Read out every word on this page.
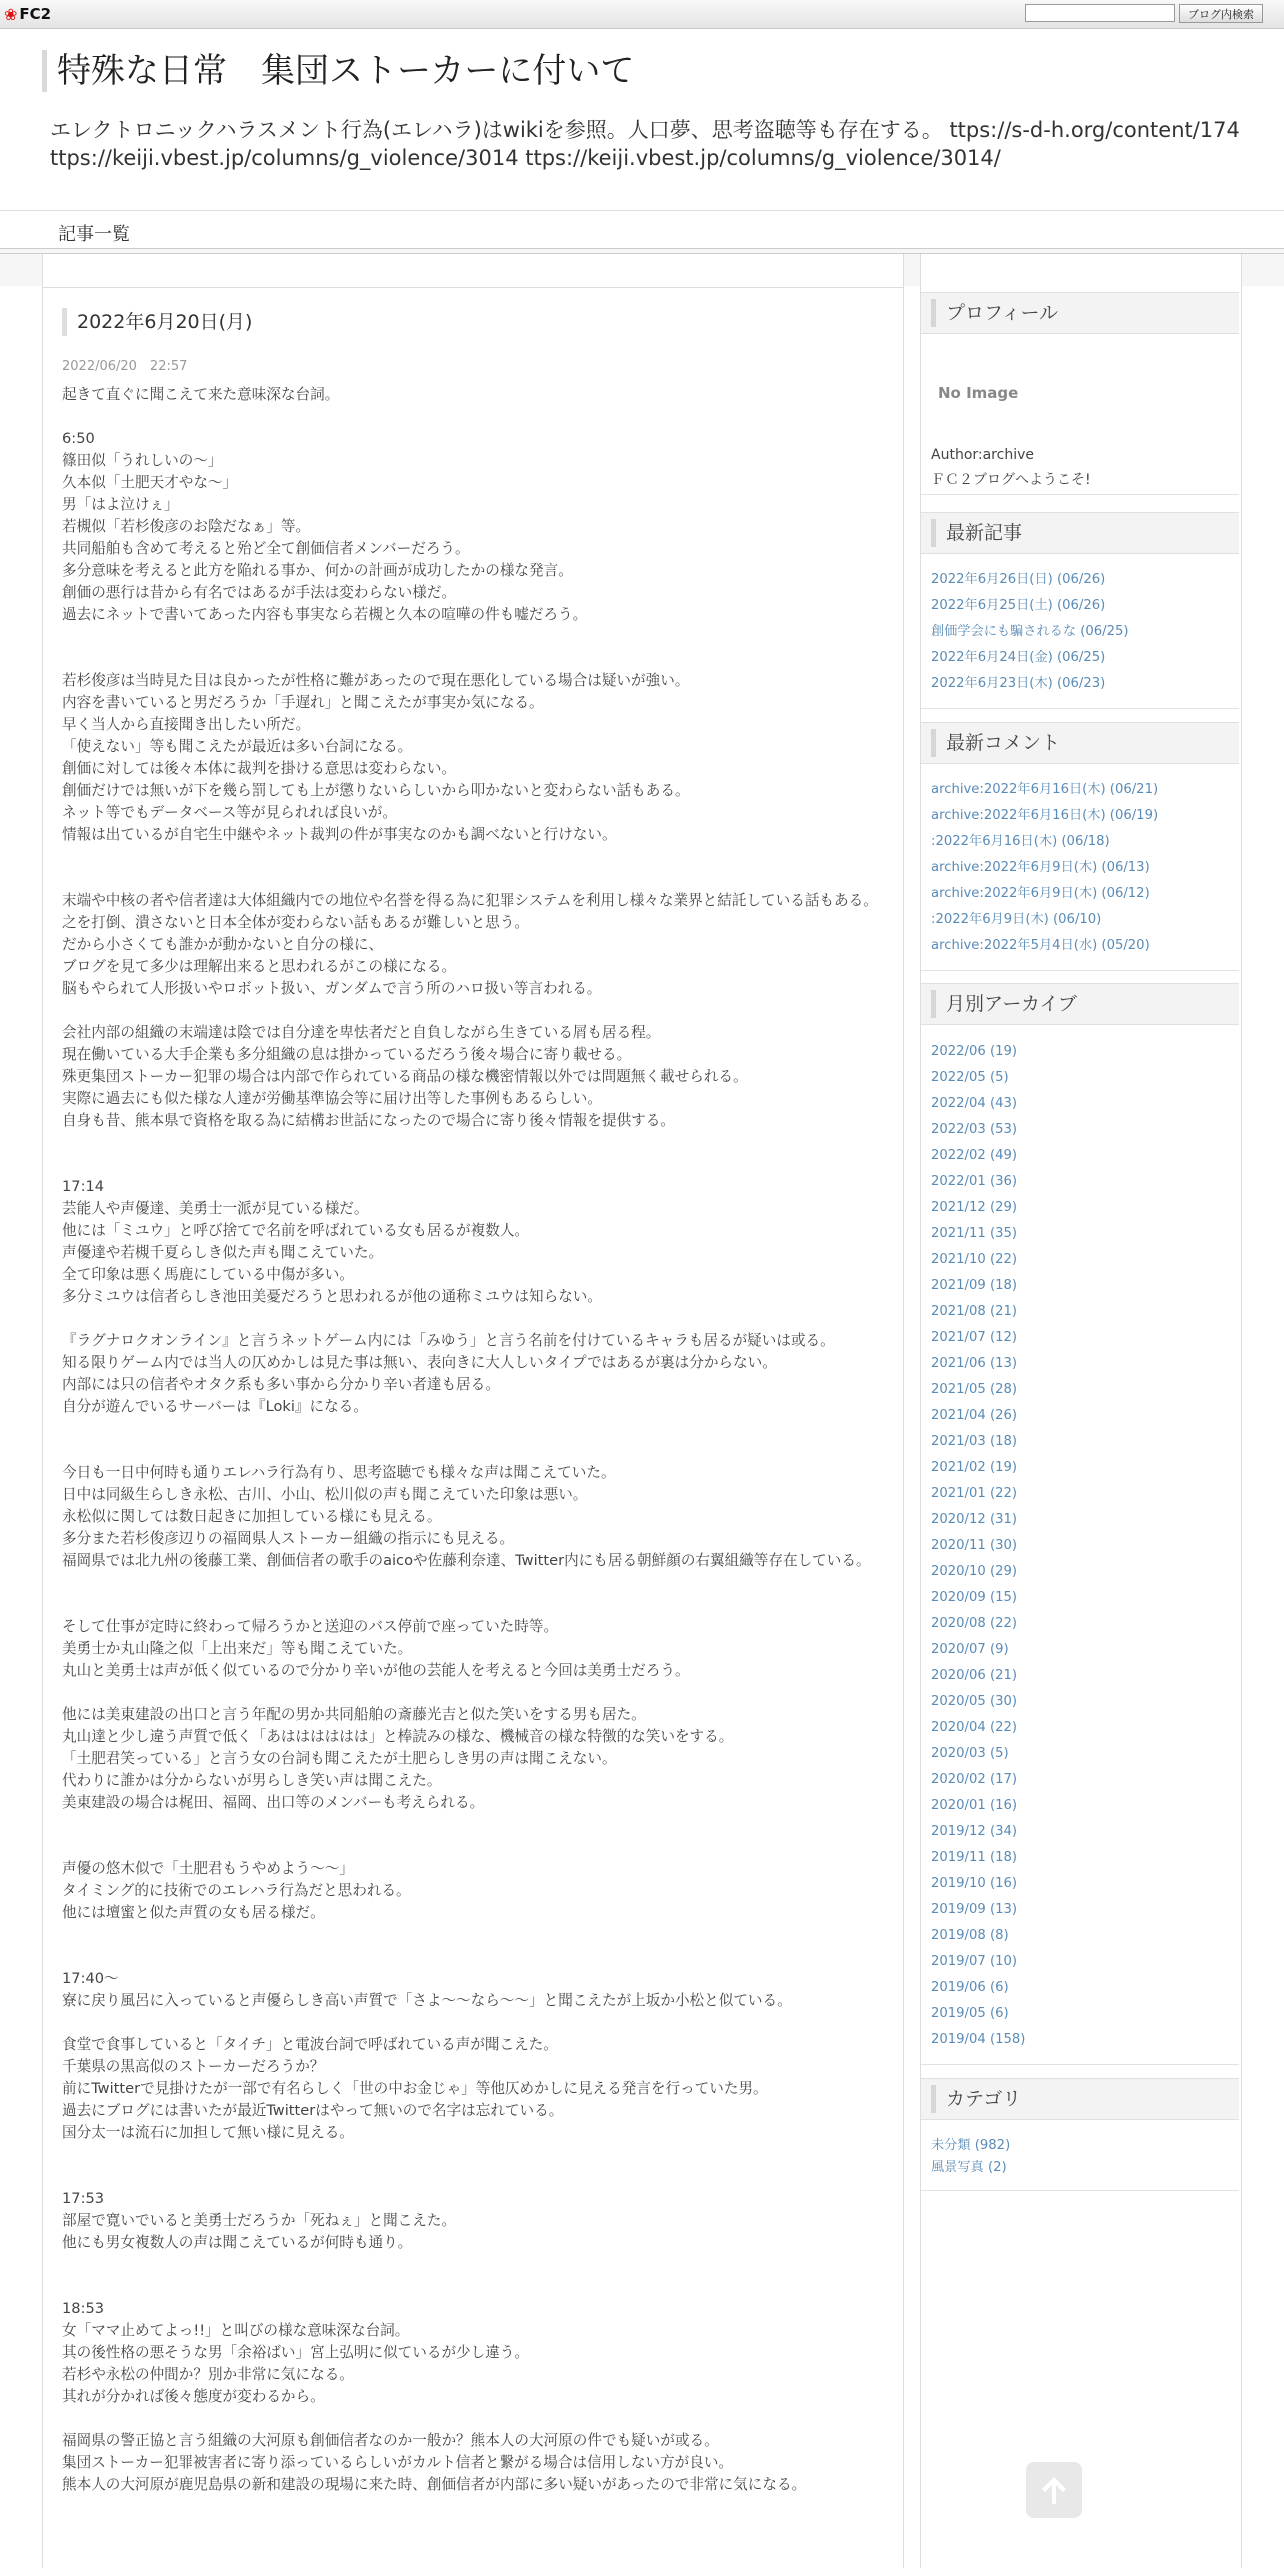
❀ FC2	ブログ内検索
特殊な日常　集団ストーカーに付いて
エレクトロニックハラスメント行為(エレハラ)はwikiを参照。人口夢、思考盗聴等も存在する。 ttps://s-d-h.org/content/174
ttps://keiji.vbest.jp/columns/g_violence/3014 ttps://keiji.vbest.jp/columns/g_violence/3014/
記事一覧
2022年6月20日(月)
2022/06/20　22:57
起きて直ぐに聞こえて来た意味深な台詞。

6:50
篠田似「うれしいの～」
久本似「土肥天才やな～」
男「はよ泣けぇ」
若槻似「若杉俊彦のお陰だなぁ」等。
共同船舶も含めて考えると殆ど全て創価信者メンバーだろう。
多分意味を考えると此方を陥れる事か、何かの計画が成功したかの様な発言。
創価の悪行は昔から有名ではあるが手法は変わらない様だ。
過去にネットで書いてあった内容も事実なら若槻と久本の喧嘩の件も嘘だろう。

若杉俊彦は当時見た目は良かったが性格に難があったので現在悪化している場合は疑いが強い。
内容を書いていると男だろうか「手遅れ」と聞こえたが事実か気になる。
早く当人から直接聞き出したい所だ。
「使えない」等も聞こえたが最近は多い台詞になる。
創価に対しては後々本体に裁判を掛ける意思は変わらない。
創価だけでは無いが下を幾ら罰しても上が懲りないらしいから叩かないと変わらない話もある。
ネット等でもデータベース等が見られれば良いが。
情報は出ているが自宅生中継やネット裁判の件が事実なのかも調べないと行けない。

末端や中核の者や信者達は大体組織内での地位や名誉を得る為に犯罪システムを利用し様々な業界と結託している話もある。
之を打倒、潰さないと日本全体が変わらない話もあるが難しいと思う。
だから小さくても誰かが動かないと自分の様に、
ブログを見て多少は理解出来ると思われるがこの様になる。
脳もやられて人形扱いやロボット扱い、ガンダムで言う所のハロ扱い等言われる。

会社内部の組織の末端達は陰では自分達を卑怯者だと自負しながら生きている屑も居る程。
現在働いている大手企業も多分組織の息は掛かっているだろう後々場合に寄り載せる。
殊更集団ストーカー犯罪の場合は内部で作られている商品の様な機密情報以外では問題無く載せられる。
実際に過去にも似た様な人達が労働基準協会等に届け出等した事例もあるらしい。
自身も昔、熊本県で資格を取る為に結構お世話になったので場合に寄り後々情報を提供する。

17:14
芸能人や声優達、美勇士一派が見ている様だ。
他には「ミユウ」と呼び捨てで名前を呼ばれている女も居るが複数人。
声優達や若槻千夏らしき似た声も聞こえていた。
全て印象は悪く馬鹿にしている中傷が多い。
多分ミユウは信者らしき池田美憂だろうと思われるが他の通称ミユウは知らない。

『ラグナロクオンライン』と言うネットゲーム内には「みゆう」と言う名前を付けているキャラも居るが疑いは或る。
知る限りゲーム内では当人の仄めかしは見た事は無い、表向きに大人しいタイプではあるが裏は分からない。
内部には只の信者やオタク系も多い事から分かり辛い者達も居る。
自分が遊んでいるサーバーは『Loki』になる。

今日も一日中何時も通りエレハラ行為有り、思考盗聴でも様々な声は聞こえていた。
日中は同級生らしき永松、古川、小山、松川似の声も聞こえていた印象は悪い。
永松似に関しては数日起きに加担している様にも見える。
多分また若杉俊彦辺りの福岡県人ストーカー組織の指示にも見える。
福岡県では北九州の後藤工業、創価信者の歌手のaicoや佐藤利奈達、Twitter内にも居る朝鮮顔の右翼組織等存在している。

そして仕事が定時に終わって帰ろうかと送迎のバス停前で座っていた時等。
美勇士か丸山隆之似「上出来だ」等も聞こえていた。
丸山と美勇士は声が低く似ているので分かり辛いが他の芸能人を考えると今回は美勇士だろう。

他には美東建設の出口と言う年配の男か共同船舶の斎藤光吉と似た笑いをする男も居た。
丸山達と少し違う声質で低く「あはははははは」と棒読みの様な、機械音の様な特徴的な笑いをする。
「土肥君笑っている」と言う女の台詞も聞こえたが土肥らしき男の声は聞こえない。
代わりに誰かは分からないが男らしき笑い声は聞こえた。
美東建設の場合は梶田、福岡、出口等のメンバーも考えられる。

声優の悠木似で「土肥君もうやめよう～～」
タイミング的に技術でのエレハラ行為だと思われる。
他には壇蜜と似た声質の女も居る様だ。

17:40～
寮に戻り風呂に入っていると声優らしき高い声質で「さよ～～なら～～」と聞こえたが上坂か小松と似ている。

食堂で食事していると「タイチ」と電波台詞で呼ばれている声が聞こえた。
千葉県の黒高似のストーカーだろうか？
前にTwitterで見掛けたが一部で有名らしく「世の中お金じゃ」等他仄めかしに見える発言を行っていた男。
過去にブログには書いたが最近Twitterはやって無いので名字は忘れている。
国分太一は流石に加担して無い様に見える。

17:53
部屋で寛いでいると美勇士だろうか「死ねぇ」と聞こえた。
他にも男女複数人の声は聞こえているが何時も通り。

18:53
女「ママ止めてよっ!!」と叫びの様な意味深な台詞。
其の後性格の悪そうな男「余裕ばい」宮上弘明に似ているが少し違う。
若杉や永松の仲間か？別か非常に気になる。
其れが分かれば後々態度が変わるから。

福岡県の警正協と言う組織の大河原も創価信者なのか一般か？熊本人の大河原の件でも疑いが或る。
集団ストーカー犯罪被害者に寄り添っているらしいがカルト信者と繋がる場合は信用しない方が良い。
熊本人の大河原が鹿児島県の新和建設の現場に来た時、創価信者が内部に多い疑いがあったので非常に気になる。
プロフィール
No Image
Author:archive
ＦＣ２ブログへようこそ!
最新記事
2022年6月26日(日) (06/26)
2022年6月25日(土) (06/26)
創価学会にも騙されるな (06/25)
2022年6月24日(金) (06/25)
2022年6月23日(木) (06/23)
最新コメント
archive:2022年6月16日(木) (06/21)
archive:2022年6月16日(木) (06/19)
:2022年6月16日(木) (06/18)
archive:2022年6月9日(木) (06/13)
archive:2022年6月9日(木) (06/12)
:2022年6月9日(木) (06/10)
archive:2022年5月4日(水) (05/20)
月別アーカイブ
2022/06 (19)
2022/05 (5)
2022/04 (43)
2022/03 (53)
2022/02 (49)
2022/01 (36)
2021/12 (29)
2021/11 (35)
2021/10 (22)
2021/09 (18)
2021/08 (21)
2021/07 (12)
2021/06 (13)
2021/05 (28)
2021/04 (26)
2021/03 (18)
2021/02 (19)
2021/01 (22)
2020/12 (31)
2020/11 (30)
2020/10 (29)
2020/09 (15)
2020/08 (22)
2020/07 (9)
2020/06 (21)
2020/05 (30)
2020/04 (22)
2020/03 (5)
2020/02 (17)
2020/01 (16)
2019/12 (34)
2019/11 (18)
2019/10 (16)
2019/09 (13)
2019/08 (8)
2019/07 (10)
2019/06 (6)
2019/05 (6)
2019/04 (158)
カテゴリ
未分類 (982)
風景写真 (2)
